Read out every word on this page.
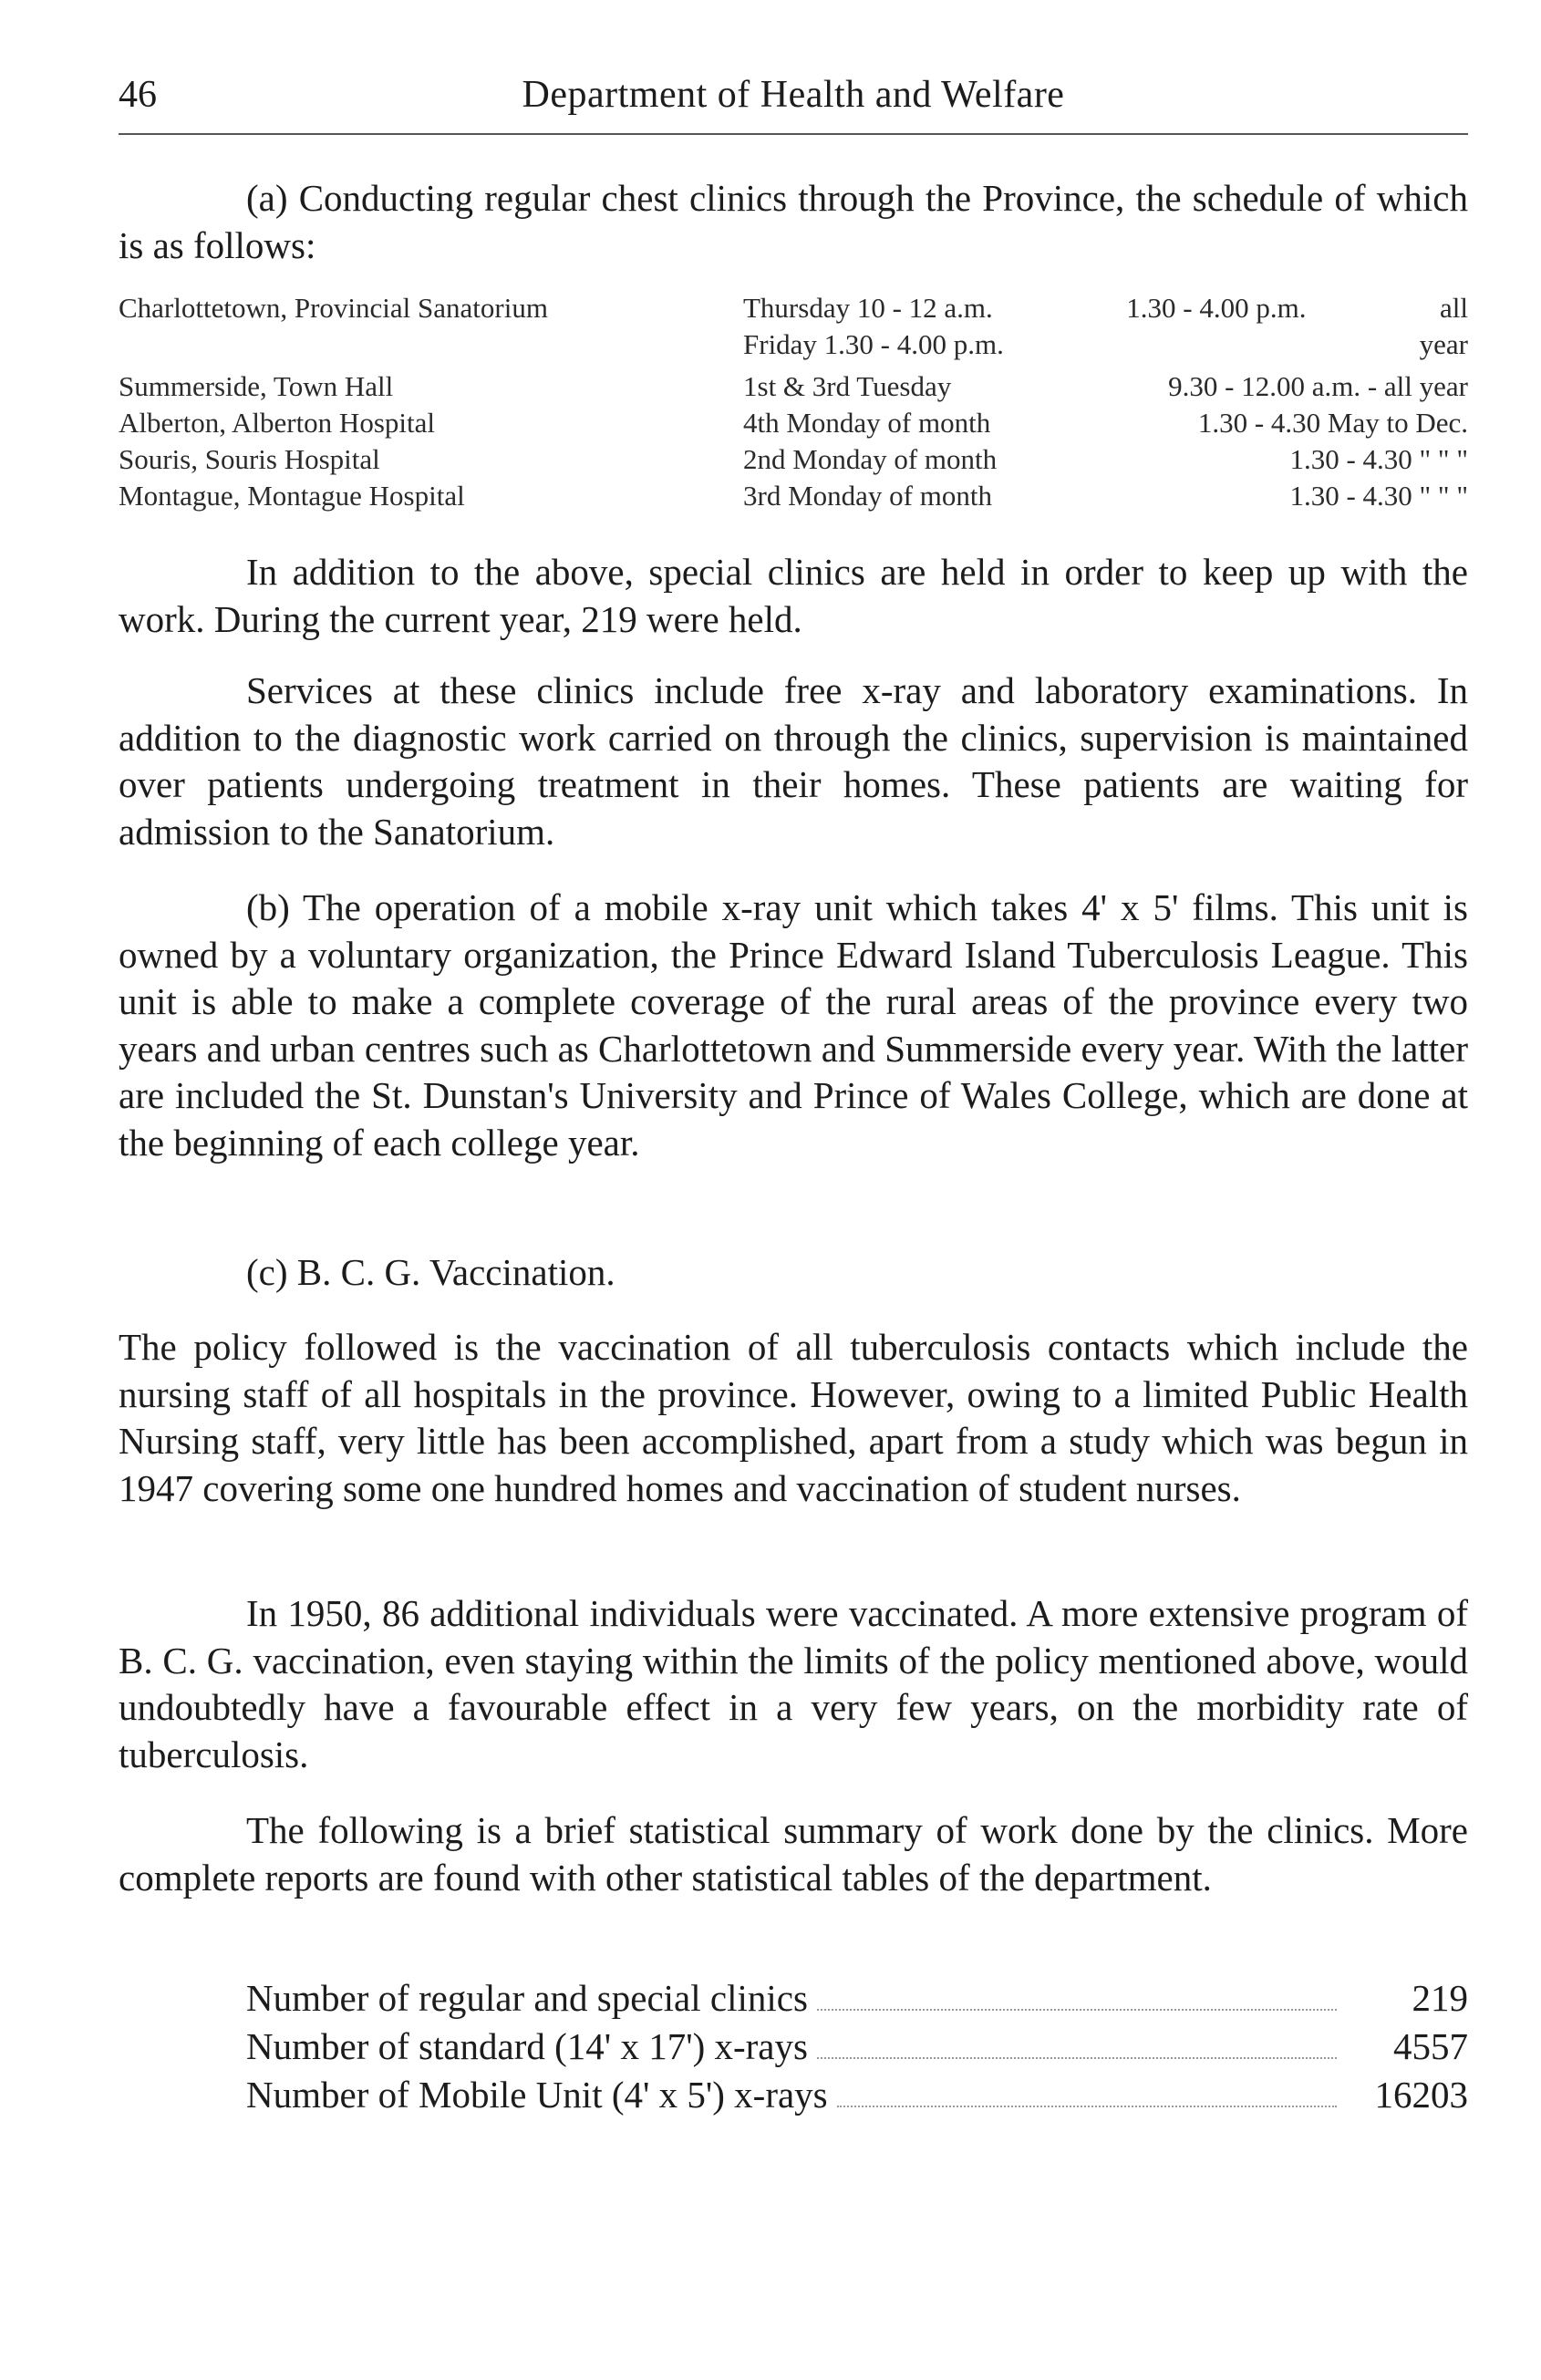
46	Department of Health and Welfare

(a) Conducting regular chest clinics through the Province, the schedule of which is as follows:

Charlottetown, Provincial Sanatorium	Thursday 10 - 12 a.m.	1.30 - 4.00 p.m.	all
Friday 1.30 - 4.00 p.m.	year
Summerside, Town Hall	1st & 3rd Tuesday	9.30 - 12.00 a.m. - all year
Alberton, Alberton Hospital	4th Monday of month	1.30 - 4.30 May to Dec.
Souris, Souris Hospital	2nd Monday of month	1.30 - 4.30 " " "
Montague, Montague Hospital	3rd Monday of month	1.30 - 4.30 " " "

In addition to the above, special clinics are held in order to keep up with the work. During the current year, 219 were held.

Services at these clinics include free x-ray and laboratory examinations. In addition to the diagnostic work carried on through the clinics, supervision is maintained over patients undergoing treatment in their homes. These patients are waiting for admission to the Sanatorium.

(b) The operation of a mobile x-ray unit which takes 4' x 5' films. This unit is owned by a voluntary organization, the Prince Edward Island Tuberculosis League. This unit is able to make a complete coverage of the rural areas of the province every two years and urban centres such as Charlottetown and Summerside every year. With the latter are included the St. Dunstan's University and Prince of Wales College, which are done at the beginning of each college year.

(c) B. C. G. Vaccination.

The policy followed is the vaccination of all tuberculosis contacts which include the nursing staff of all hospitals in the province. However, owing to a limited Public Health Nursing staff, very little has been accomplished, apart from a study which was begun in 1947 covering some one hundred homes and vaccination of student nurses.

In 1950, 86 additional individuals were vaccinated. A more extensive program of B. C. G. vaccination, even staying within the limits of the policy mentioned above, would undoubtedly have a favourable effect in a very few years, on the morbidity rate of tuberculosis.

The following is a brief statistical summary of work done by the clinics. More complete reports are found with other statistical tables of the department.

Number of regular and special clinics	219
Number of standard (14' x 17') x-rays	4557
Number of Mobile Unit (4' x 5') x-rays	16203
